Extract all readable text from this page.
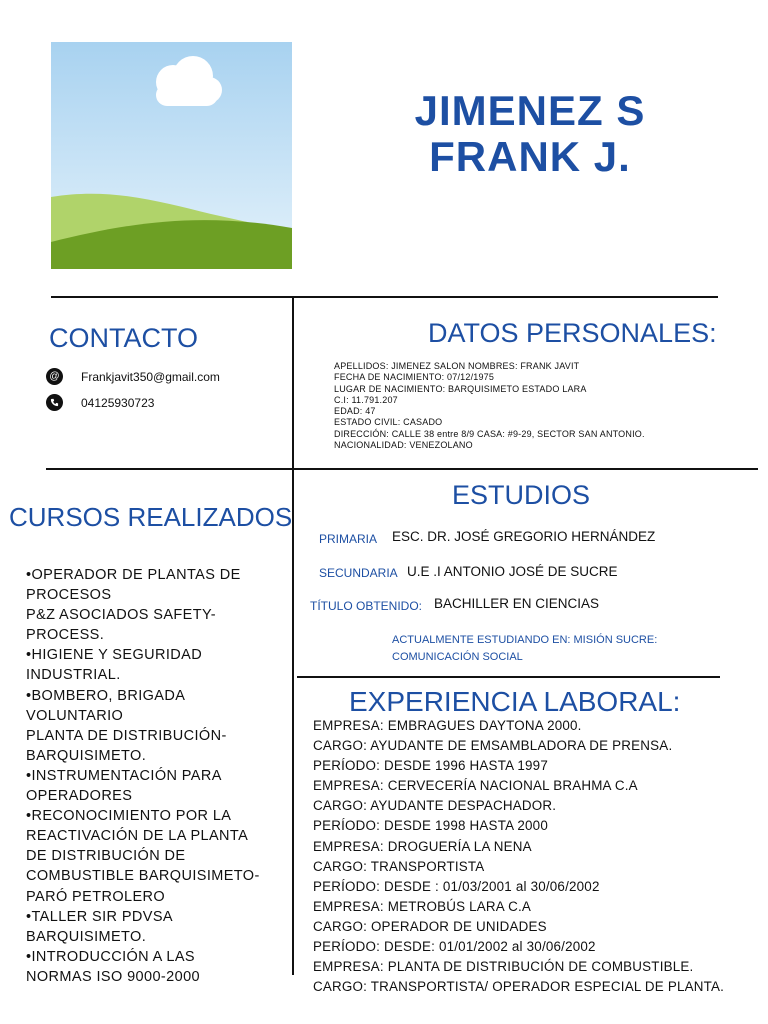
JIMENEZ S
FRANK J.
CONTACTO
@ Frankjavit350@gmail.com
04125930723
DATOS PERSONALES:
APELLIDOS: JIMENEZ SALON NOMBRES: FRANK JAVIT
FECHA DE NACIMIENTO: 07/12/1975
LUGAR DE NACIMIENTO: BARQUISIMETO ESTADO LARA
C.I: 11.791.207
EDAD: 47
ESTADO CIVIL: CASADO
DIRECCIÓN: CALLE 38 entre 8/9 CASA: #9-29, SECTOR SAN ANTONIO.
NACIONALIDAD: VENEZOLANO
CURSOS REALIZADOS
•OPERADOR DE PLANTAS DE
PROCESOS
P&Z ASOCIADOS SAFETY-
PROCESS.
•HIGIENE Y SEGURIDAD
INDUSTRIAL.
•BOMBERO, BRIGADA
VOLUNTARIO
PLANTA DE DISTRIBUCIÓN-
BARQUISIMETO.
•INSTRUMENTACIÓN PARA
OPERADORES
•RECONOCIMIENTO POR LA
REACTIVACIÓN DE LA PLANTA
DE DISTRIBUCIÓN DE
COMBUSTIBLE BARQUISIMETO-
PARÓ PETROLERO
•TALLER SIR PDVSA
BARQUISIMETO.
•INTRODUCCIÓN A LAS
NORMAS ISO 9000-2000
ESTUDIOS
PRIMARIA ESC. DR. JOSÉ GREGORIO HERNÁNDEZ
SECUNDARIA U.E .I ANTONIO JOSÉ DE SUCRE
TÍTULO OBTENIDO: BACHILLER EN CIENCIAS
ACTUALMENTE ESTUDIANDO EN: MISIÓN SUCRE:
COMUNICACIÓN SOCIAL
EXPERIENCIA LABORAL:
EMPRESA: EMBRAGUES DAYTONA 2000.
CARGO: AYUDANTE DE EMSAMBLADORA DE PRENSA.
PERÍODO: DESDE 1996 HASTA 1997
EMPRESA: CERVECERÍA NACIONAL BRAHMA C.A
CARGO: AYUDANTE DESPACHADOR.
PERÍODO: DESDE 1998 HASTA 2000
EMPRESA: DROGUERÍA LA NENA
CARGO: TRANSPORTISTA
PERÍODO: DESDE : 01/03/2001 al 30/06/2002
EMPRESA: METROBÚS LARA C.A
CARGO: OPERADOR DE UNIDADES
PERÍODO: DESDE: 01/01/2002 al 30/06/2002
EMPRESA: PLANTA DE DISTRIBUCIÓN DE COMBUSTIBLE.
CARGO: TRANSPORTISTA/ OPERADOR ESPECIAL DE PLANTA.
